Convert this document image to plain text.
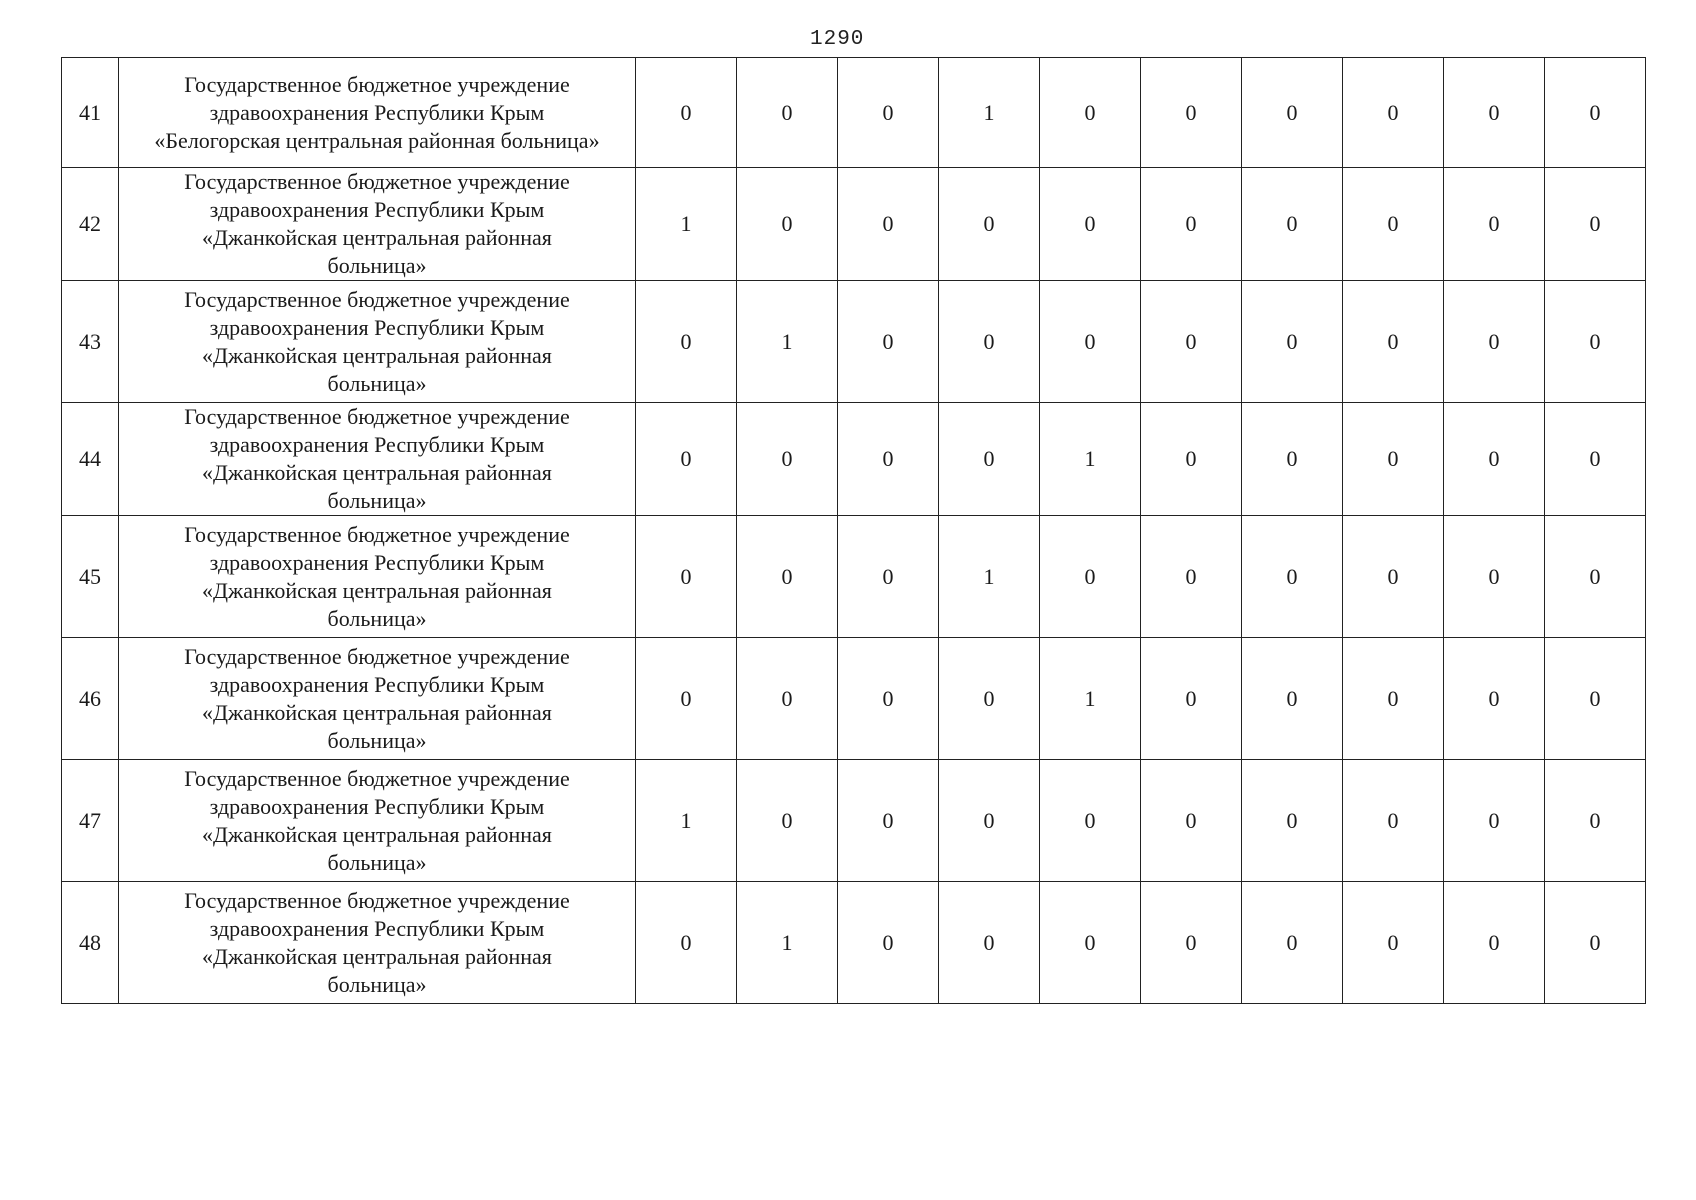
1290
41	Государственное бюджетное учреждение
здравоохранения Республики Крым
«Белогорская центральная районная больница»	0	0	0	1	0	0	0	0	0	0
42	Государственное бюджетное учреждение
здравоохранения Республики Крым
«Джанкойская центральная районная
больница»	1	0	0	0	0	0	0	0	0	0
43	Государственное бюджетное учреждение
здравоохранения Республики Крым
«Джанкойская центральная районная
больница»	0	1	0	0	0	0	0	0	0	0
44	Государственное бюджетное учреждение
здравоохранения Республики Крым
«Джанкойская центральная районная
больница»	0	0	0	0	1	0	0	0	0	0
45	Государственное бюджетное учреждение
здравоохранения Республики Крым
«Джанкойская центральная районная
больница»	0	0	0	1	0	0	0	0	0	0
46	Государственное бюджетное учреждение
здравоохранения Республики Крым
«Джанкойская центральная районная
больница»	0	0	0	0	1	0	0	0	0	0
47	Государственное бюджетное учреждение
здравоохранения Республики Крым
«Джанкойская центральная районная
больница»	1	0	0	0	0	0	0	0	0	0
48	Государственное бюджетное учреждение
здравоохранения Республики Крым
«Джанкойская центральная районная
больница»	0	1	0	0	0	0	0	0	0	0
